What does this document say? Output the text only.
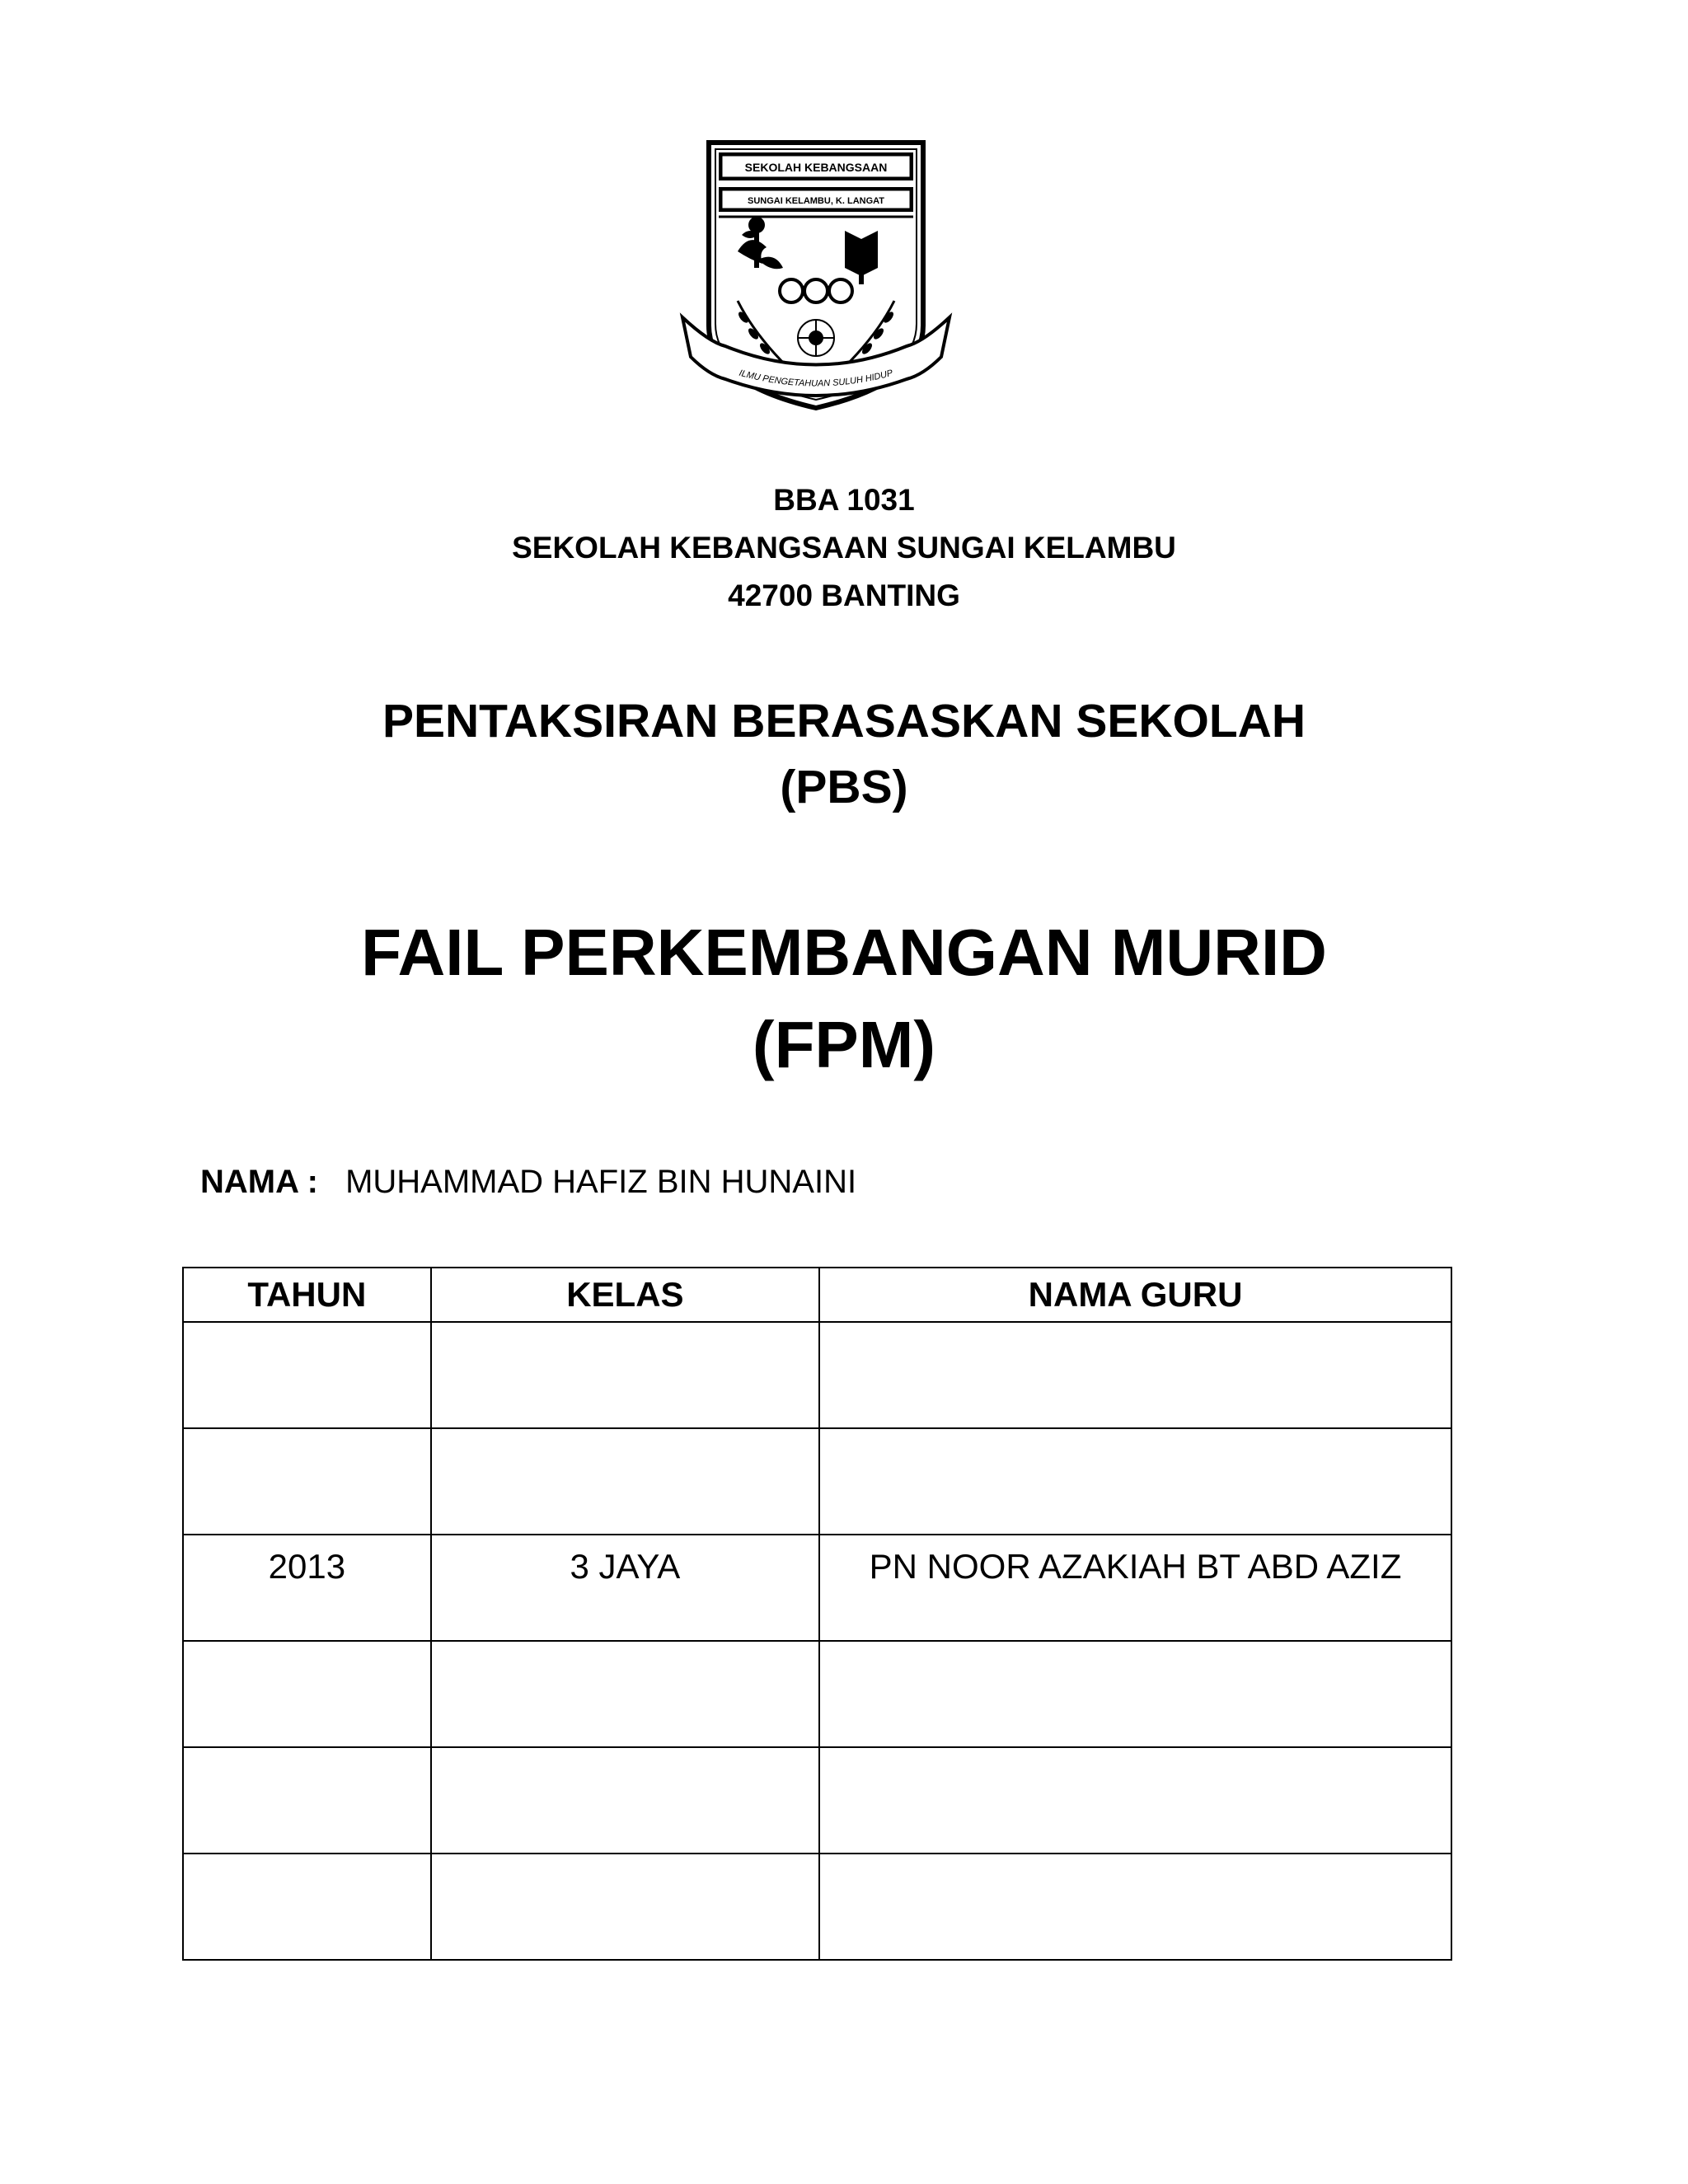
SEKOLAH KEBANGSAAN
SUNGAI KELAMBU, K. LANGAT
ILMU PENGETAHUAN SULUH HIDUP
BBA 1031
SEKOLAH KEBANGSAAN SUNGAI KELAMBU
42700 BANTING
PENTAKSIRAN BERASASKAN SEKOLAH
(PBS)
FAIL PERKEMBANGAN MURID
(FPM)
NAMA : MUHAMMAD HAFIZ BIN HUNAINI
TAHUN	KELAS	NAMA GURU

2013	3 JAYA	PN NOOR AZAKIAH BT ABD AZIZ
